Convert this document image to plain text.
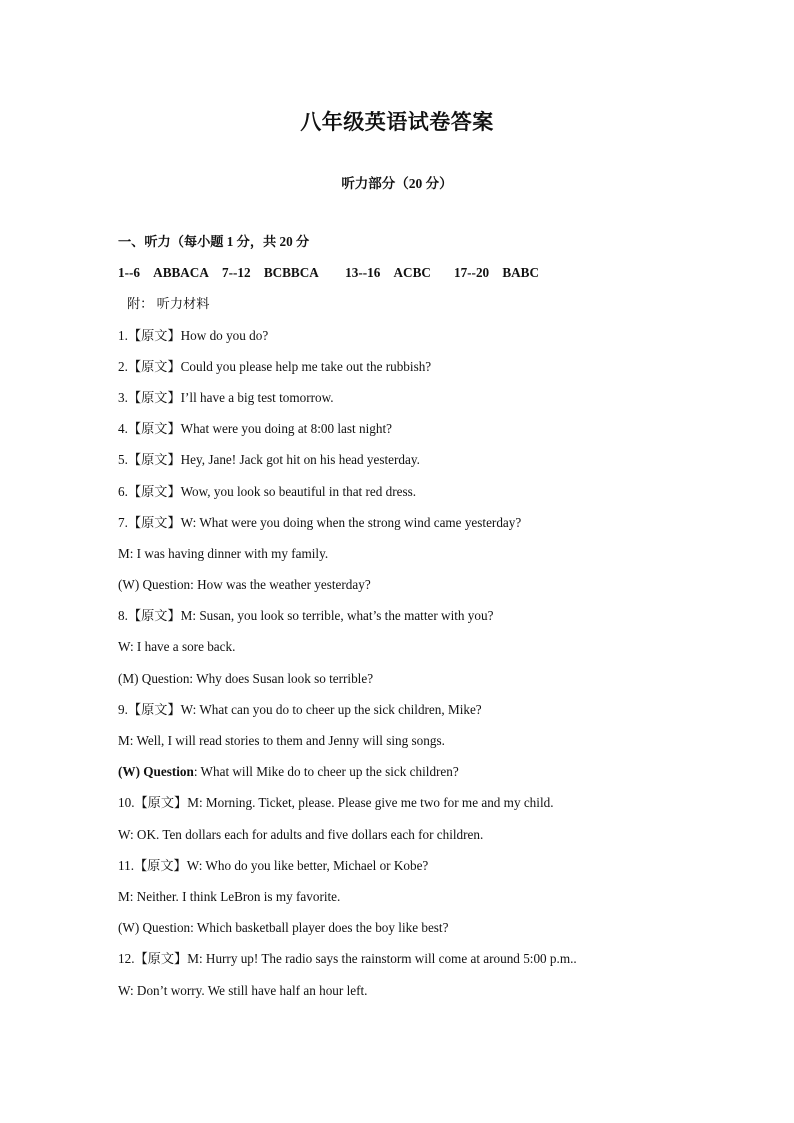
八年级英语试卷答案
听力部分（20 分）
一、听力（每小题 1 分，共 20 分
1--6 ABBACA 7--12 BCBBCA 13--16 ACBC 17--20 BABC
附： 听力材料
1.【原文】How do you do?
2.【原文】Could you please help me take out the rubbish?
3.【原文】I’ll have a big test tomorrow.
4.【原文】What were you doing at 8:00 last night?
5.【原文】Hey, Jane! Jack got hit on his head yesterday.
6.【原文】Wow, you look so beautiful in that red dress.
7.【原文】W: What were you doing when the strong wind came yesterday?
M: I was having dinner with my family.
(W) Question: How was the weather yesterday?
8.【原文】M: Susan, you look so terrible, what’s the matter with you?
W: I have a sore back.
(M) Question: Why does Susan look so terrible?
9.【原文】W: What can you do to cheer up the sick children, Mike?
M: Well, I will read stories to them and Jenny will sing songs.
(W) Question: What will Mike do to cheer up the sick children?
10.【原文】M: Morning. Ticket, please. Please give me two for me and my child.
W: OK. Ten dollars each for adults and five dollars each for children.
11.【原文】W: Who do you like better, Michael or Kobe?
M: Neither. I think LeBron is my favorite.
(W) Question: Which basketball player does the boy like best?
12.【原文】M: Hurry up! The radio says the rainstorm will come at around 5:00 p.m..
W: Don’t worry. We still have half an hour left.
